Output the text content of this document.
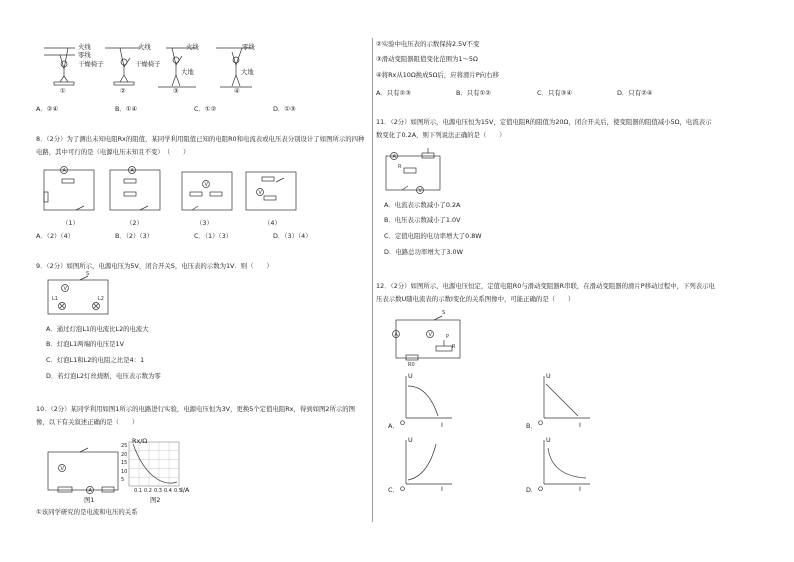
火线
零线
干燥椅子
火线
干燥椅子
火线
大地
零线
大地
①	②	③	④
A．②④	B．①④	C．①②	D．①③
8．（2分）为了测出未知电阻Rx的阻值，某同学利用阻值已知的电阻R0和电流表或电压表分别设计了如图所示的四种电路，其中可行的是（电源电压未知且不变）　（　　）
A	A
V
V
（1）	（2）	（3）	（4）
A．（2）（4）	B．（2）（3）	C．（1）（3）	D．（3）（4）
9．（2分）如图所示，电源电压为5V，闭合开关S，电压表的示数为1V．则（　　）
V
L1	L2
S
A．通过灯泡L1的电流比L2的电流大
B．灯泡L1两端的电压是1V
C．灯泡L1和L2的电阻之比是4：1
D．若灯泡L2灯丝烧断，电压表示数为零
10．（2分）某同学利用如图1所示的电路进行实验，电源电压恒为3V，更换5个定值电阻Rx，得到如图2所示的图像，以下有关叙述正确的是（　　）
V
A
图1
Rx/Ω
I/A
25
20
15
10
5
0.1 0.2 0.3 0.4 0.5
图2
①该同学研究的是电流和电压的关系
②实验中电压表的示数保持2.5V不变
③滑动变阻器阻值变化范围为1～5Ω
④将Rx从10Ω换成5Ω后，应将滑片P向右移
A．只有②③	B．只有①②	C．只有③④	D．只有②④
11．（2分）如图所示，电源电压恒为15V，定值电阻R的阻值为20Ω，闭合开关后，使变阻器的阻值减小5Ω，电流表示数变化了0.2A，则下列说法正确的是（　　）
A
R
V
A．电流表示数减小了0.2A
B．电压表示数减小了1.0V
C．定值电阻的电功率增大了0.8W
D．电路总功率增大了3.0W
12．（2分）如图所示，电源电压恒定，定值电阻R0与滑动变阻器R串联，在滑动变阻器的滑片P移动过程中，下列表示电压表示数U随电流表的示数I变化的关系图像中，可能正确的是（　　）
A	V
R0
P
R
S
U	U
U	U
O	O
O	O
I	I
I	I
A．	B．
C．	D．
